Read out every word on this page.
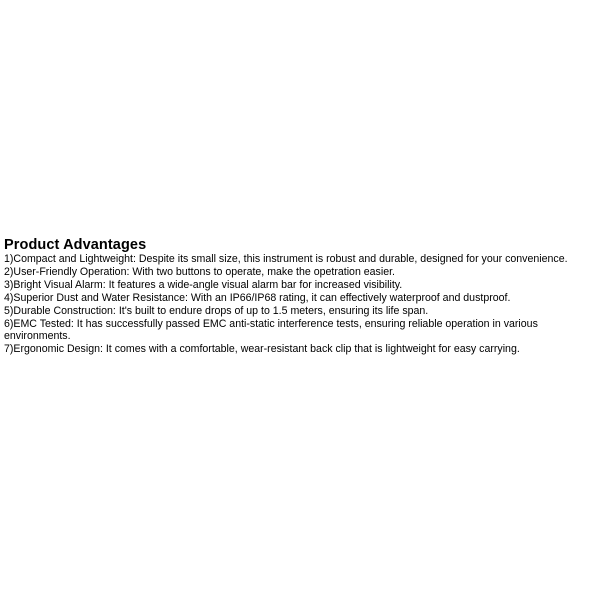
Product Advantages
1)Compact and Lightweight: Despite its small size, this instrument is robust and durable, designed for your convenience.
2)User-Friendly Operation: With two buttons to operate, make the opetration easier.
3)Bright Visual Alarm: It features a wide-angle visual alarm bar for increased visibility.
4)Superior Dust and Water Resistance: With an IP66/IP68 rating, it can effectively waterproof and dustproof.
5)Durable Construction: It's built to endure drops of up to 1.5 meters, ensuring its life span.
6)EMC Tested: It has successfully passed EMC anti-static interference tests, ensuring reliable operation in various environments.
7)Ergonomic Design: It comes with a comfortable, wear-resistant back clip that is lightweight for easy carrying.
